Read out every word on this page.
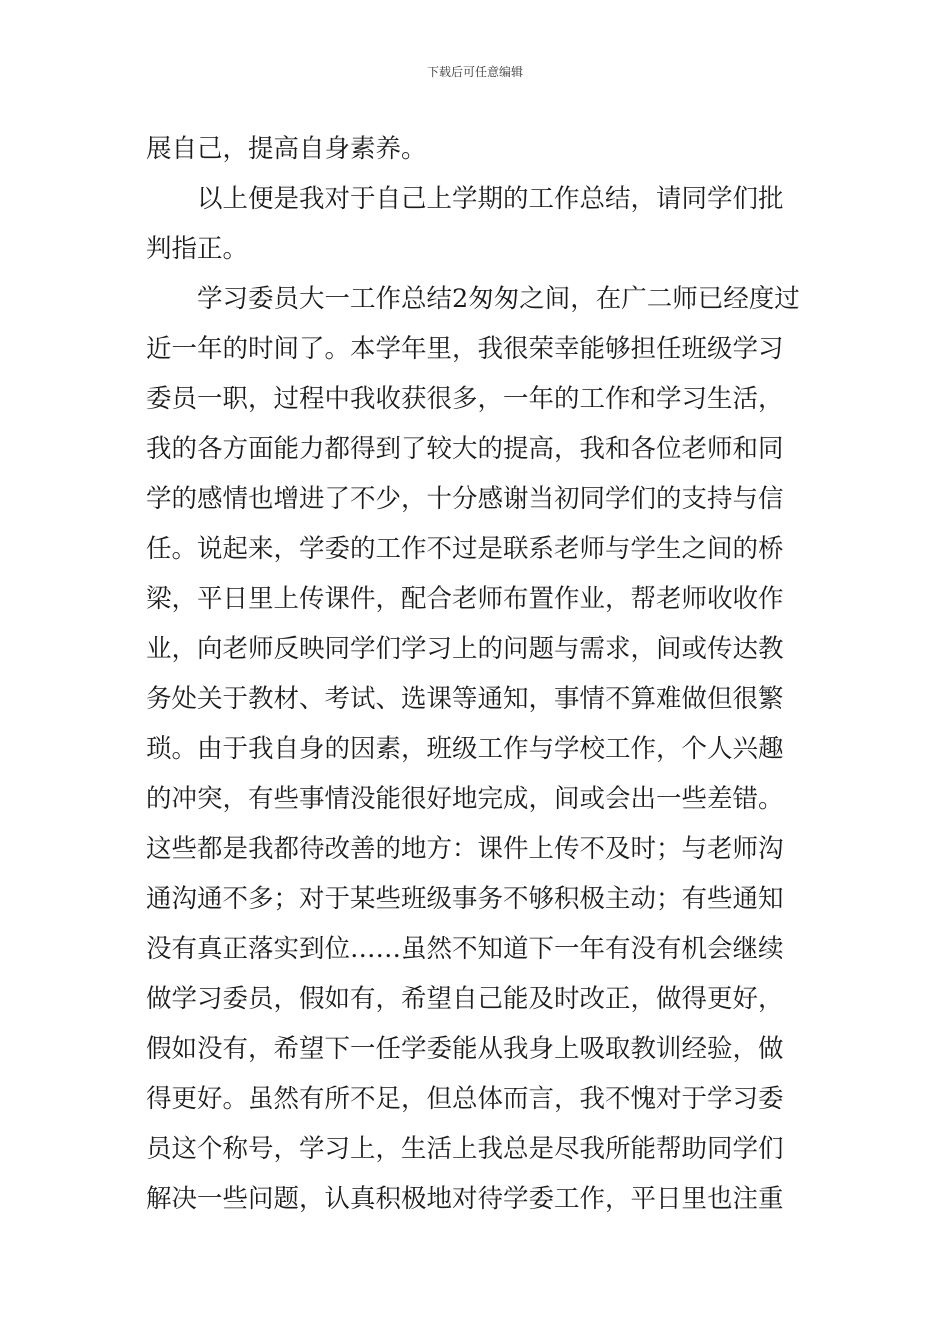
下载后可任意编辑
展自己，提高自身素养。
以上便是我对于自己上学期的工作总结，请同学们批
判指正。
学习委员大一工作总结2匆匆之间，在广二师已经度过
近一年的时间了。本学年里，我很荣幸能够担任班级学习
委员一职，过程中我收获很多，一年的工作和学习生活，
我的各方面能力都得到了较大的提高，我和各位老师和同
学的感情也增进了不少，十分感谢当初同学们的支持与信
任。说起来，学委的工作不过是联系老师与学生之间的桥
梁，平日里上传课件，配合老师布置作业，帮老师收收作
业，向老师反映同学们学习上的问题与需求，间或传达教
务处关于教材、考试、选课等通知，事情不算难做但很繁
琐。由于我自身的因素，班级工作与学校工作，个人兴趣
的冲突，有些事情没能很好地完成，间或会出一些差错。
这些都是我都待改善的地方：课件上传不及时；与老师沟
通沟通不多；对于某些班级事务不够积极主动；有些通知
没有真正落实到位……虽然不知道下一年有没有机会继续
做学习委员，假如有，希望自己能及时改正，做得更好，
假如没有，希望下一任学委能从我身上吸取教训经验，做
得更好。虽然有所不足，但总体而言，我不愧对于学习委
员这个称号，学习上，生活上我总是尽我所能帮助同学们
解决一些问题，认真积极地对待学委工作，平日里也注重
